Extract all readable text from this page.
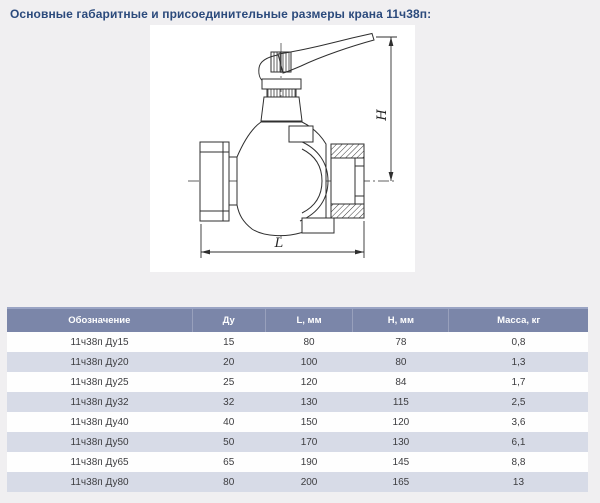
Основные габаритные и присоединительные размеры крана 11ч38п:
H
L
Обозначение	Ду	L, мм	Н, мм	Масса, кг
11ч38п Ду15	15	80	78	0,8
11ч38п Ду20	20	100	80	1,3
11ч38п Ду25	25	120	84	1,7
11ч38п Ду32	32	130	115	2,5
11ч38п Ду40	40	150	120	3,6
11ч38п Ду50	50	170	130	6,1
11ч38п Ду65	65	190	145	8,8
11ч38п Ду80	80	200	165	13
